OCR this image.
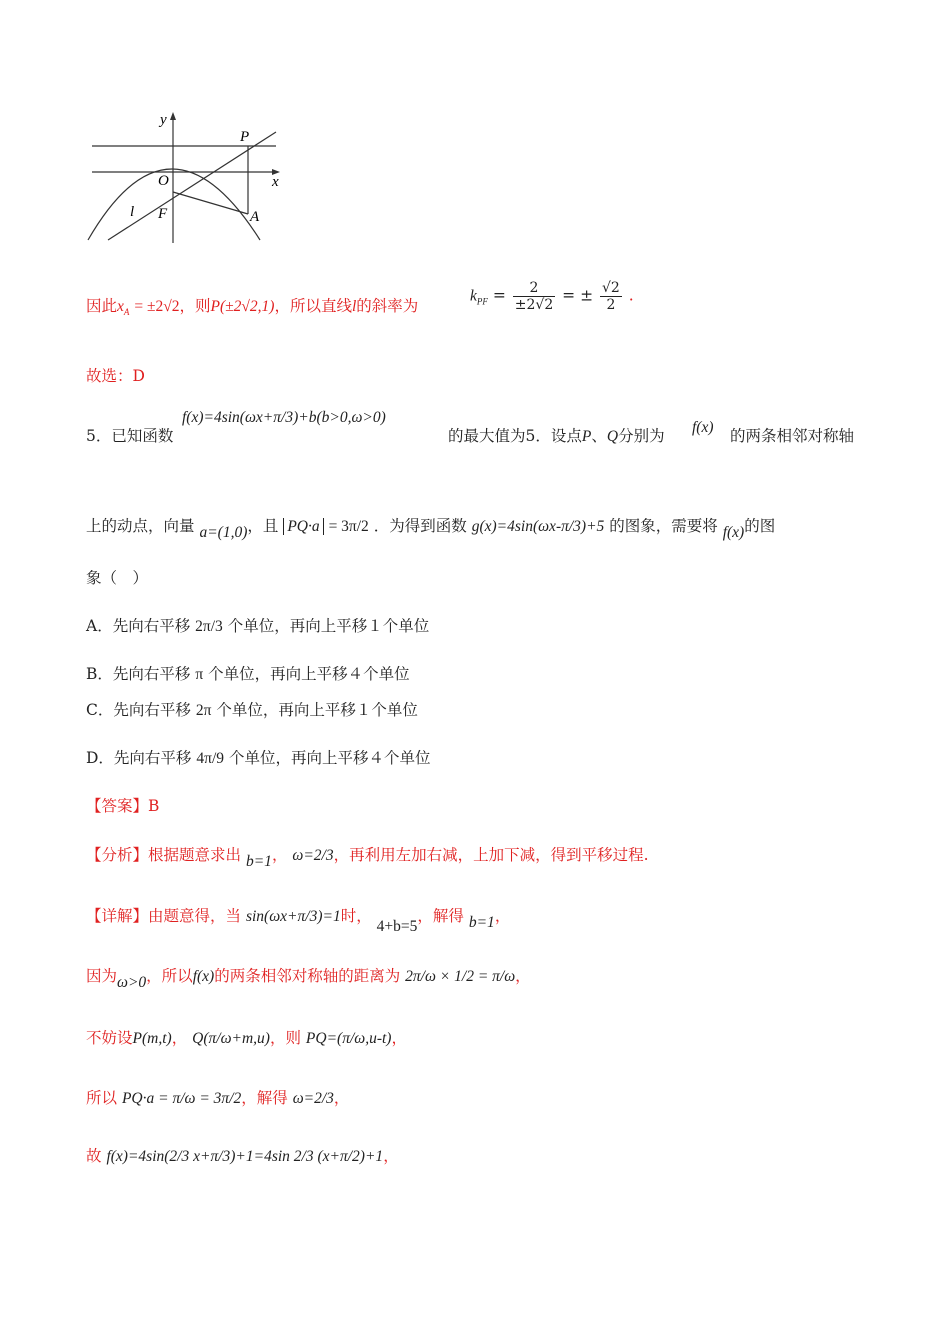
y
P
x
O
l F	A
因此$x_A = \pm 2√2$，则P(±2√2,1)，所以直线l的斜率为
$k_{PF} = \frac{2}{\pm 2√2}$ = ± $\frac{√2}{2}$ .
故选：D
5．已知函数
f(x)=4sin(ωx+π/3)+b(b>0,ω>0)
的最大值为5．设点P、Q分别为 f(x) 的两条相邻对称轴
上的动点，向量 a=(1,0)，且 PQ·a = 3π/2 ．为得到函数 g(x)=4sin(ωx-π/3)+5 的图象，需要将 f(x)的图
象（　）
A．先向右平移 2π/3 个单位，再向上平移１个单位
B．先向右平移 π 个单位，再向上平移４个单位
C．先向右平移 2π 个单位，再向上平移１个单位
D．先向右平移 4π/9 个单位，再向上平移４个单位
【答案】B
【分析】根据题意求出 b=1， ω=2/3，再利用左加右减，上加下减，得到平移过程.
【详解】由题意得，当 sin(ωx+π/3)=1时， 4+b=5，解得 b=1，
因为ω>0，所以f(x)的两条相邻对称轴的距离为 2π/ω × 1/2 = π/ω，
不妨设P(m,t)， Q(π/ω+m,u)，则 PQ=(π/ω,u-t)，
所以 PQ·a = π/ω = 3π/2，解得 ω=2/3，
故 f(x)=4sin(2/3 x+π/3)+1=4sin 2/3 (x+π/2)+1，
